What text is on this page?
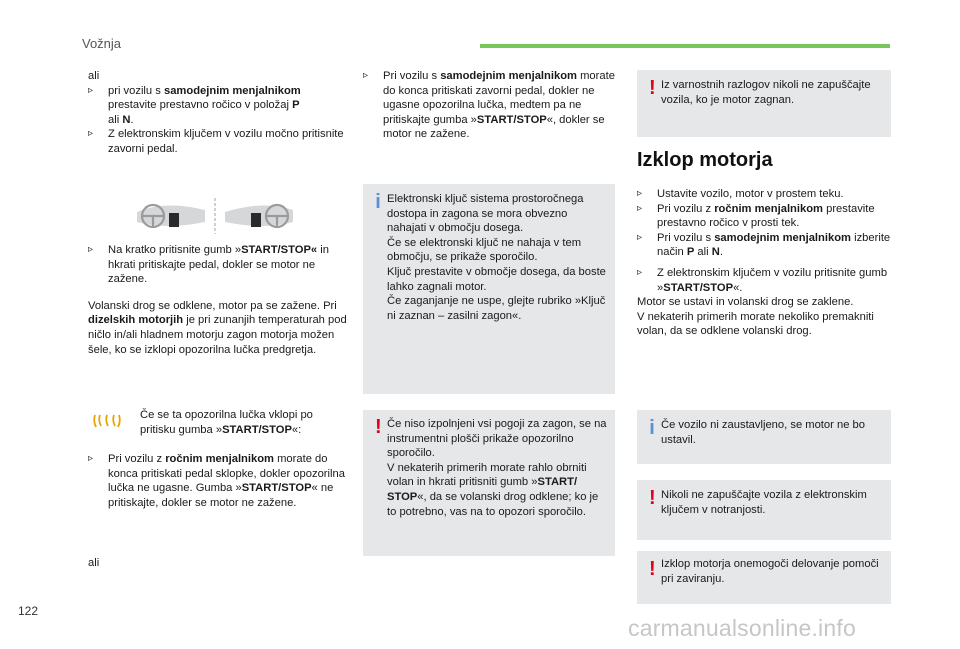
Vožnja
ali
▹ pri vozilu s samodejnim menjalnikom prestavite prestavno ročico v položaj P
ali N.
▹ Z elektronskim ključem v vozilu močno pritisnite zavorni pedal.
▹ Na kratko pritisnite gumb »START/STOP« in hkrati pritiskajte pedal, dokler se motor ne zažene.
Volanski drog se odklene, motor pa se zažene. Pri dizelskih motorjih je pri zunanjih temperaturah pod ničlo in/ali hladnem motorju zagon motorja možen šele, ko se izklopi opozorilna lučka predgretja.
Če se ta opozorilna lučka vklopi po pritisku gumba »START/STOP«:
▹ Pri vozilu z ročnim menjalnikom morate do konca pritiskati pedal sklopke, dokler opozorilna lučka ne ugasne. Gumba »START/STOP« ne pritiskajte, dokler se motor ne zažene.
ali
▹ Pri vozilu s samodejnim menjalnikom morate do konca pritiskati zavorni pedal, dokler ne ugasne opozorilna lučka, medtem pa ne pritiskajte gumba »START/STOP«, dokler se motor ne zažene.
i Elektronski ključ sistema prostoročnega dostopa in zagona se mora obvezno nahajati v območju dosega.
Če se elektronski ključ ne nahaja v tem območju, se prikaže sporočilo.
Ključ prestavite v območje dosega, da boste lahko zagnali motor.
Če zaganjanje ne uspe, glejte rubriko »Ključ ni zaznan – zasilni zagon«.
! Če niso izpolnjeni vsi pogoji za zagon, se na instrumentni plošči prikaže opozorilno sporočilo.
V nekaterih primerih morate rahlo obrniti volan in hkrati pritisniti gumb »START/ STOP«, da se volanski drog odklene; ko je to potrebno, vas na to opozori sporočilo.
! Iz varnostnih razlogov nikoli ne zapuščajte vozila, ko je motor zagnan.
Izklop motorja
▹ Ustavite vozilo, motor v prostem teku.
▹ Pri vozilu z ročnim menjalnikom prestavite prestavno ročico v prosti tek.
▹ Pri vozilu s samodejnim menjalnikom izberite način P ali N.
▹ Z elektronskim ključem v vozilu pritisnite gumb »START/STOP«.
Motor se ustavi in volanski drog se zaklene.
V nekaterih primerih morate nekoliko premakniti volan, da se odklene volanski drog.
i Če vozilo ni zaustavljeno, se motor ne bo ustavil.
! Nikoli ne zapuščajte vozila z elektronskim ključem v notranjosti.
! Izklop motorja onemogoči delovanje pomoči pri zaviranju.
122
carmanualsonline.info
